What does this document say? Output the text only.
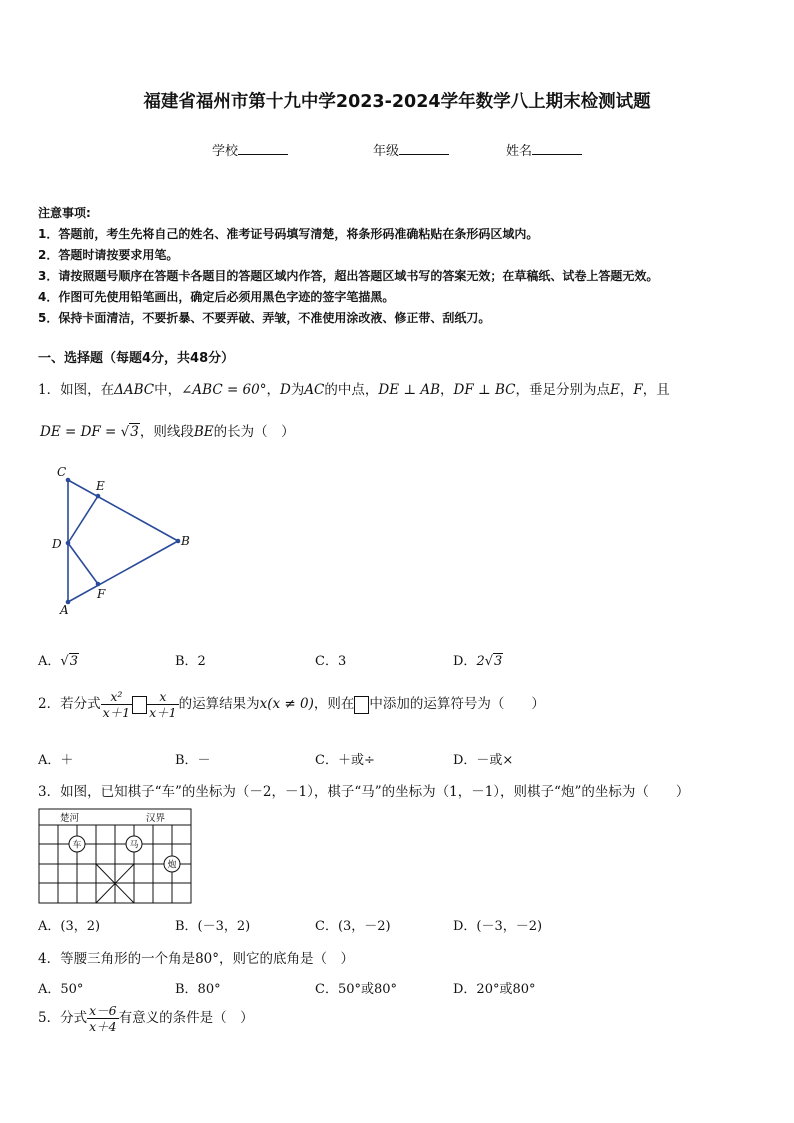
福建省福州市第十九中学2023-2024学年数学八上期末检测试题
学校	年级	姓名
注意事项:
1．答题前，考生先将自己的姓名、准考证号码填写清楚，将条形码准确粘贴在条形码区域内。
2．答题时请按要求用笔。
3．请按照题号顺序在答题卡各题目的答题区域内作答，超出答题区域书写的答案无效；在草稿纸、试卷上答题无效。
4．作图可先使用铅笔画出，确定后必须用黑色字迹的签字笔描黑。
5．保持卡面清洁，不要折暴、不要弄破、弄皱，不准使用涂改液、修正带、刮纸刀。
一、选择题（每题4分，共48分）
1．如图，在ΔABC中，∠ABC = 60°，D为AC的中点，DE ⊥ AB，DF ⊥ BC，垂足分别为点E，F，且
DE = DF = √3，则线段BE的长为（　）
C
E
D	B
F
A
A．√3	B．2	C．3	D．2√3
2．若分式 $\frac{\text{x²}}{x+1} \frac{x}{x+1}$ 的运算结果为x(x ≠ 0)，则在 中添加的运算符号为（　　）
A．＋	B．－	C．＋或÷	D．－或×
3．如图，已知棋子“车”的坐标为（－2，－1），棋子“马”的坐标为（1，－1），则棋子“炮”的坐标为（　　）
楚河	汉界
车	马
炮
A．(3，2)	B．(－3，2)	C．(3，－2)	D．(－3，－2)
4．等腰三角形的一个角是80°，则它的底角是（　）
A．50°	B．80°	C．50°或80°	D．20°或80°
5．分式 $\frac{x-6}{x+4}$ 有意义的条件是（　）
